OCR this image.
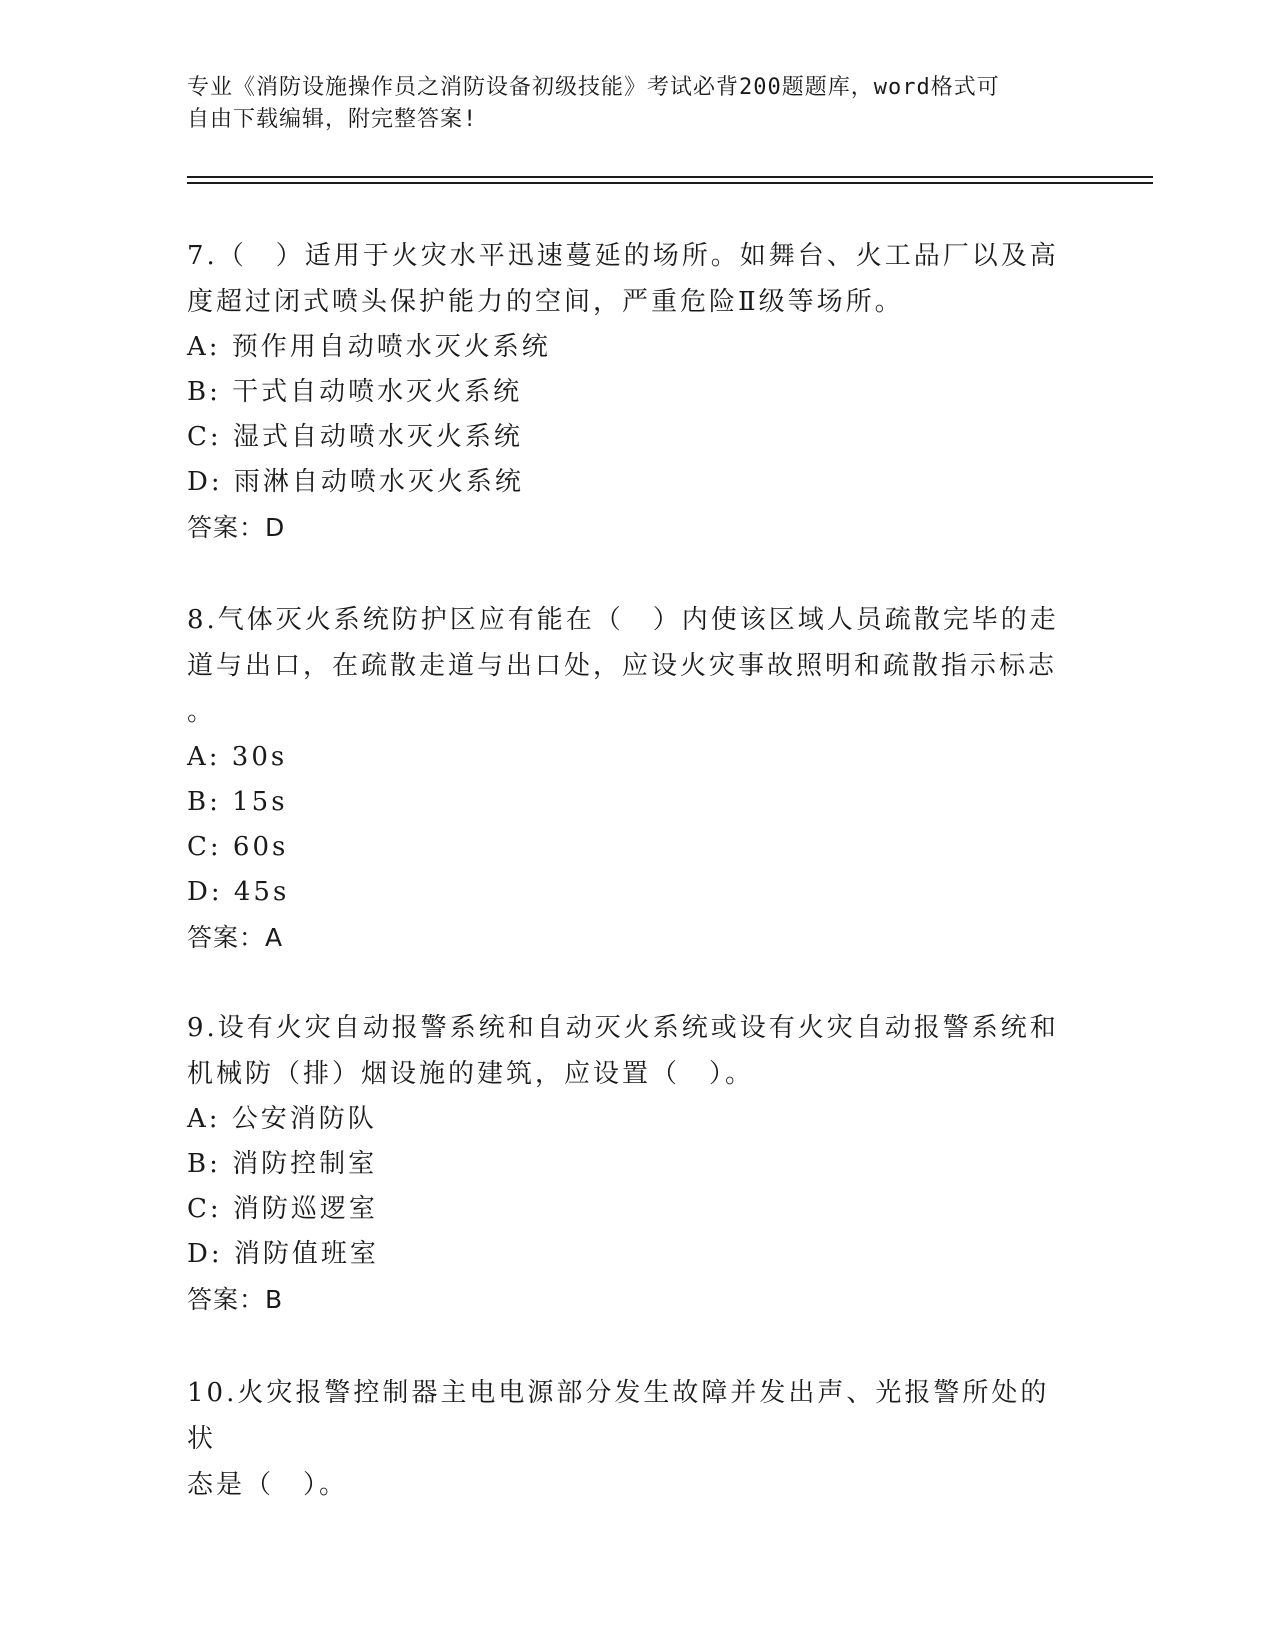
专业《消防设施操作员之消防设备初级技能》考试必背200题题库，word格式可
自由下载编辑，附完整答案!

7.（　）适用于火灾水平迅速蔓延的场所。如舞台、火工品厂以及高

度超过闭式喷头保护能力的空间，严重危险Ⅱ级等场所。

A: 预作用自动喷水灭火系统

B: 干式自动喷水灭火系统

C: 湿式自动喷水灭火系统

D: 雨淋自动喷水灭火系统

答案：D

8.气体灭火系统防护区应有能在（　）内使该区域人员疏散完毕的走

道与出口，在疏散走道与出口处，应设火灾事故照明和疏散指示标志

。

A: 30s

B: 15s

C: 60s

D: 45s

答案：A

9.设有火灾自动报警系统和自动灭火系统或设有火灾自动报警系统和

机械防（排）烟设施的建筑，应设置（　）。

A: 公安消防队

B: 消防控制室

C: 消防巡逻室

D: 消防值班室

答案：B

10.火灾报警控制器主电电源部分发生故障并发出声、光报警所处的状

态是（　）。
